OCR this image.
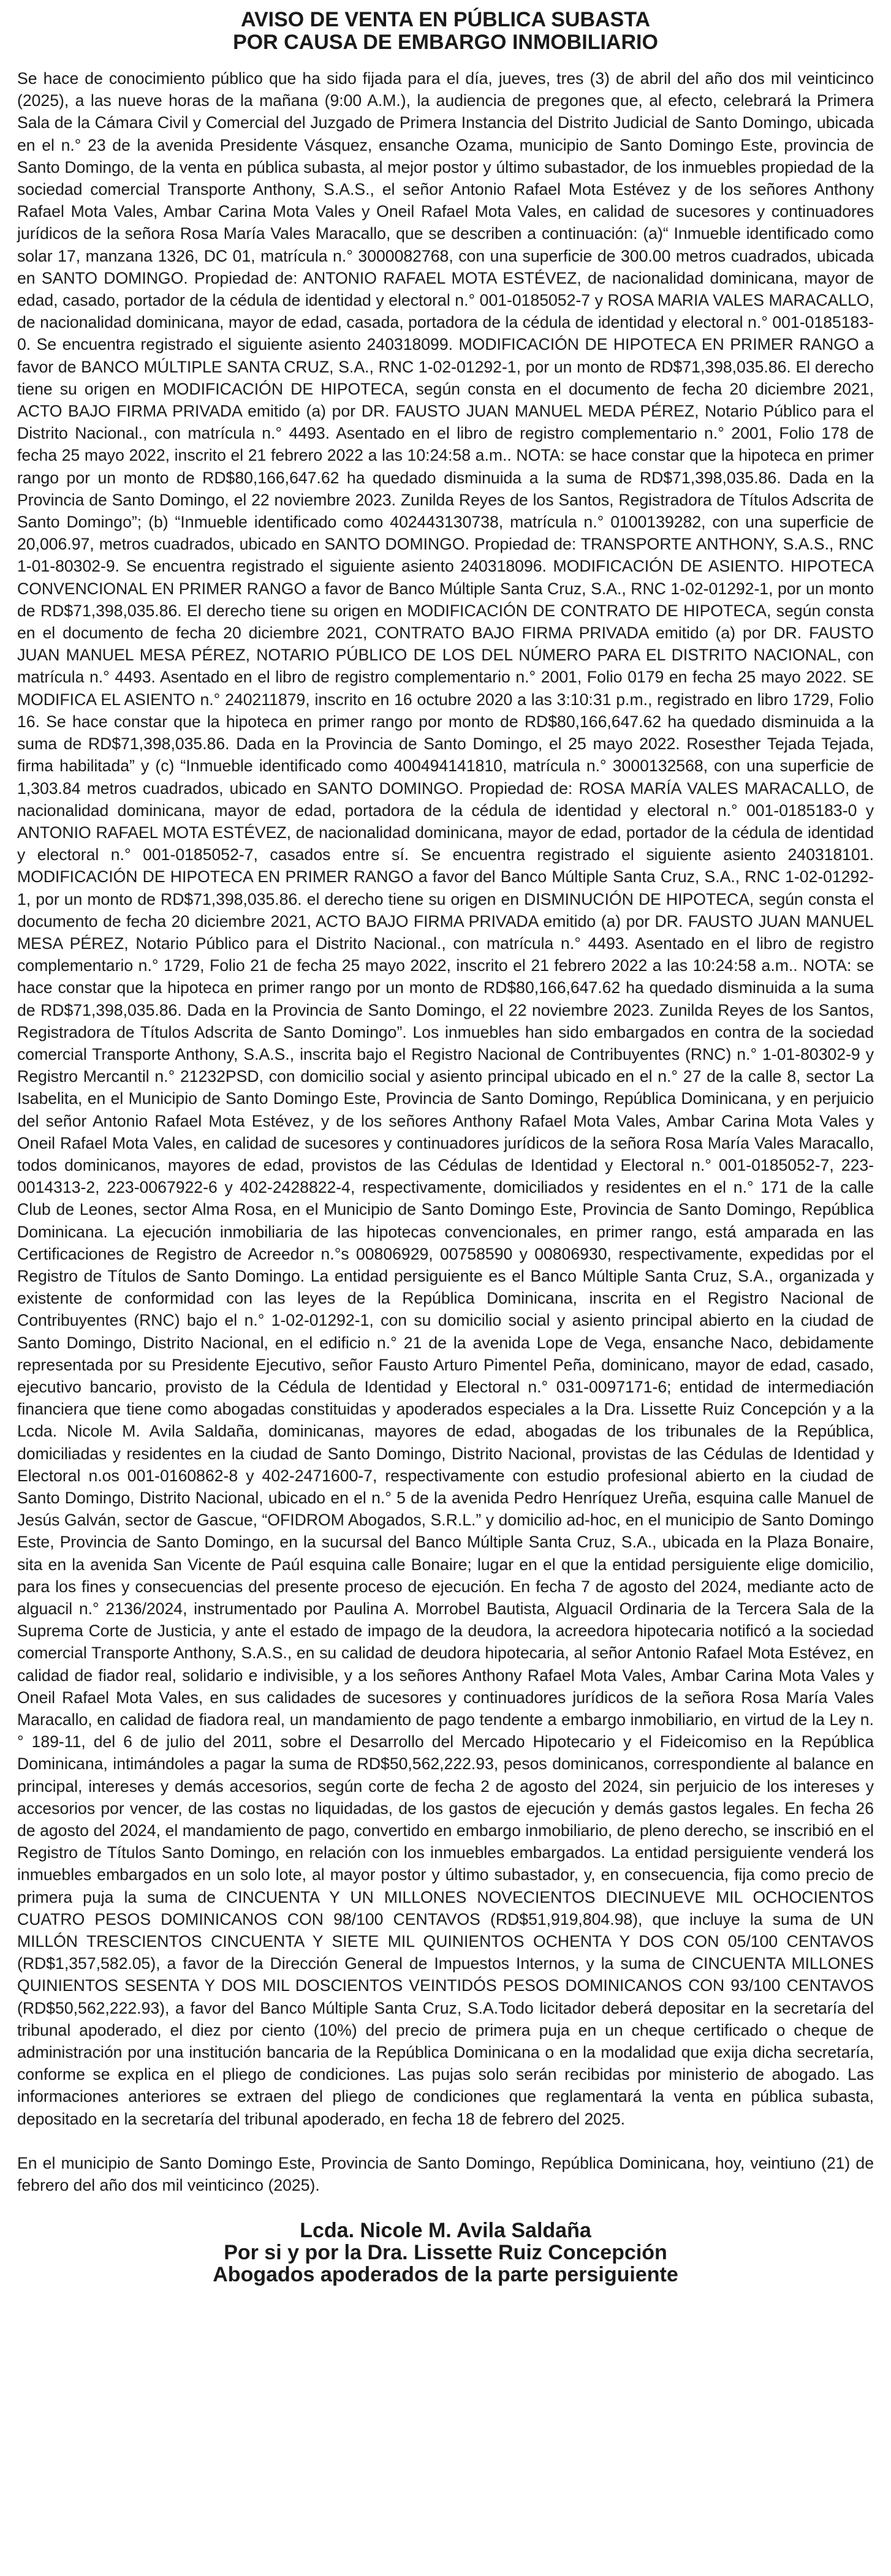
AVISO DE VENTA EN PÚBLICA SUBASTA
POR CAUSA DE EMBARGO INMOBILIARIO

Se hace de conocimiento público que ha sido fijada para el día, jueves, tres (3) de abril del año dos mil veinticinco (2025), a las nueve horas de la mañana (9:00 A.M.), la audiencia de pregones que, al efecto, celebrará la Primera Sala de la Cámara Civil y Comercial del Juzgado de Primera Instancia del Distrito Judicial de Santo Domingo, ubicada en el n.° 23 de la avenida Presidente Vásquez, ensanche Ozama, municipio de Santo Domingo Este, provincia de Santo Domingo, de la venta en pública subasta, al mejor postor y último subastador, de los inmuebles propiedad de la sociedad comercial Transporte Anthony, S.A.S., el señor Antonio Rafael Mota Estévez y de los señores Anthony Rafael Mota Vales, Ambar Carina Mota Vales y Oneil Rafael Mota Vales, en calidad de sucesores y continuadores jurídicos de la señora Rosa María Vales Maracallo, que se describen a continuación: (a)“ Inmueble identificado como solar 17, manzana 1326, DC 01, matrícula n.° 3000082768, con una superficie de 300.00 metros cuadrados, ubicada en SANTO DOMINGO. Propiedad de: ANTONIO RAFAEL MOTA ESTÉVEZ, de nacionalidad dominicana, mayor de edad, casado, portador de la cédula de identidad y electoral n.° 001-0185052-7 y ROSA MARIA VALES MARACALLO, de nacionalidad dominicana, mayor de edad, casada, portadora de la cédula de identidad y electoral n.° 001-0185183-0. Se encuentra registrado el siguiente asiento 240318099. MODIFICACIÓN DE HIPOTECA EN PRIMER RANGO a favor de BANCO MÚLTIPLE SANTA CRUZ, S.A., RNC 1-02-01292-1, por un monto de RD$71,398,035.86. El derecho tiene su origen en MODIFICACIÓN DE HIPOTECA, según consta en el documento de fecha 20 diciembre 2021, ACTO BAJO FIRMA PRIVADA emitido (a) por DR. FAUSTO JUAN MANUEL MEDA PÉREZ, Notario Público para el Distrito Nacional., con matrícula n.° 4493. Asentado en el libro de registro complementario n.° 2001, Folio 178 de fecha 25 mayo 2022, inscrito el 21 febrero 2022 a las 10:24:58 a.m.. NOTA: se hace constar que la hipoteca en primer rango por un monto de RD$80,166,647.62 ha quedado disminuida a la suma de RD$71,398,035.86. Dada en la Provincia de Santo Domingo, el 22 noviembre 2023. Zunilda Reyes de los Santos, Registradora de Títulos Adscrita de Santo Domingo”; (b) “Inmueble identificado como 402443130738, matrícula n.° 0100139282, con una superficie de 20,006.97, metros cuadrados, ubicado en SANTO DOMINGO. Propiedad de: TRANSPORTE ANTHONY, S.A.S., RNC 1-01-80302-9. Se encuentra registrado el siguiente asiento 240318096. MODIFICACIÓN DE ASIENTO. HIPOTECA CONVENCIONAL EN PRIMER RANGO a favor de Banco Múltiple Santa Cruz, S.A., RNC 1-02-01292-1, por un monto de RD$71,398,035.86. El derecho tiene su origen en MODIFICACIÓN DE CONTRATO DE HIPOTECA, según consta en el documento de fecha 20 diciembre 2021, CONTRATO BAJO FIRMA PRIVADA emitido (a) por DR. FAUSTO JUAN MANUEL MESA PÉREZ, NOTARIO PÚBLICO DE LOS DEL NÚMERO PARA EL DISTRITO NACIONAL, con matrícula n.° 4493. Asentado en el libro de registro complementario n.° 2001, Folio 0179 en fecha 25 mayo 2022. SE MODIFICA EL ASIENTO n.° 240211879, inscrito en 16 octubre 2020 a las 3:10:31 p.m., registrado en libro 1729, Folio 16. Se hace constar que la hipoteca en primer rango por monto de RD$80,166,647.62 ha quedado disminuida a la suma de RD$71,398,035.86. Dada en la Provincia de Santo Domingo, el 25 mayo 2022. Rosesther Tejada Tejada, firma habilitada” y (c) “Inmueble identificado como 400494141810, matrícula n.° 3000132568, con una superficie de 1,303.84 metros cuadrados, ubicado en SANTO DOMINGO. Propiedad de: ROSA MARÍA VALES MARACALLO, de nacionalidad dominicana, mayor de edad, portadora de la cédula de identidad y electoral n.° 001-0185183-0 y ANTONIO RAFAEL MOTA ESTÉVEZ, de nacionalidad dominicana, mayor de edad, portador de la cédula de identidad y electoral n.° 001-0185052-7, casados entre sí. Se encuentra registrado el siguiente asiento 240318101. MODIFICACIÓN DE HIPOTECA EN PRIMER RANGO a favor del Banco Múltiple Santa Cruz, S.A., RNC 1-02-01292-1, por un monto de RD$71,398,035.86. el derecho tiene su origen en DISMINUCIÓN DE HIPOTECA, según consta el documento de fecha 20 diciembre 2021, ACTO BAJO FIRMA PRIVADA emitido (a) por DR. FAUSTO JUAN MANUEL MESA PÉREZ, Notario Público para el Distrito Nacional., con matrícula n.° 4493. Asentado en el libro de registro complementario n.° 1729, Folio 21 de fecha 25 mayo 2022, inscrito el 21 febrero 2022 a las 10:24:58 a.m.. NOTA: se hace constar que la hipoteca en primer rango por un monto de RD$80,166,647.62 ha quedado disminuida a la suma de RD$71,398,035.86. Dada en la Provincia de Santo Domingo, el 22 noviembre 2023. Zunilda Reyes de los Santos, Registradora de Títulos Adscrita de Santo Domingo”. Los inmuebles han sido embargados en contra de la sociedad comercial Transporte Anthony, S.A.S., inscrita bajo el Registro Nacional de Contribuyentes (RNC) n.° 1-01-80302-9 y Registro Mercantil n.° 21232PSD, con domicilio social y asiento principal ubicado en el n.° 27 de la calle 8, sector La Isabelita, en el Municipio de Santo Domingo Este, Provincia de Santo Domingo, República Dominicana, y en perjuicio del señor Antonio Rafael Mota Estévez, y de los señores Anthony Rafael Mota Vales, Ambar Carina Mota Vales y Oneil Rafael Mota Vales, en calidad de sucesores y continuadores jurídicos de la señora Rosa María Vales Maracallo, todos dominicanos, mayores de edad, provistos de las Cédulas de Identidad y Electoral n.° 001-0185052-7, 223-0014313-2, 223-0067922-6 y 402-2428822-4, respectivamente, domiciliados y residentes en el n.° 171 de la calle Club de Leones, sector Alma Rosa, en el Municipio de Santo Domingo Este, Provincia de Santo Domingo, República Dominicana. La ejecución inmobiliaria de las hipotecas convencionales, en primer rango, está amparada en las Certificaciones de Registro de Acreedor n.°s 00806929, 00758590 y 00806930, respectivamente, expedidas por el Registro de Títulos de Santo Domingo. La entidad persiguiente es el Banco Múltiple Santa Cruz, S.A., organizada y existente de conformidad con las leyes de la República Dominicana, inscrita en el Registro Nacional de Contribuyentes (RNC) bajo el n.° 1-02-01292-1, con su domicilio social y asiento principal abierto en la ciudad de Santo Domingo, Distrito Nacional, en el edificio n.° 21 de la avenida Lope de Vega, ensanche Naco, debidamente representada por su Presidente Ejecutivo, señor Fausto Arturo Pimentel Peña, dominicano, mayor de edad, casado, ejecutivo bancario, provisto de la Cédula de Identidad y Electoral n.° 031-0097171-6; entidad de intermediación financiera que tiene como abogadas constituidas y apoderados especiales a la Dra. Lissette Ruiz Concepción y a la Lcda. Nicole M. Avila Saldaña, dominicanas, mayores de edad, abogadas de los tribunales de la República, domiciliadas y residentes en la ciudad de Santo Domingo, Distrito Nacional, provistas de las Cédulas de Identidad y Electoral n.os 001-0160862-8 y 402-2471600-7, respectivamente con estudio profesional abierto en la ciudad de Santo Domingo, Distrito Nacional, ubicado en el n.° 5 de la avenida Pedro Henríquez Ureña, esquina calle Manuel de Jesús Galván, sector de Gascue, “OFIDROM Abogados, S.R.L.” y domicilio ad-hoc, en el municipio de Santo Domingo Este, Provincia de Santo Domingo, en la sucursal del Banco Múltiple Santa Cruz, S.A., ubicada en la Plaza Bonaire, sita en la avenida San Vicente de Paúl esquina calle Bonaire; lugar en el que la entidad persiguiente elige domicilio, para los fines y consecuencias del presente proceso de ejecución. En fecha 7 de agosto del 2024, mediante acto de alguacil n.° 2136/2024, instrumentado por Paulina A. Morrobel Bautista, Alguacil Ordinaria de la Tercera Sala de la Suprema Corte de Justicia, y ante el estado de impago de la deudora, la acreedora hipotecaria notificó a la sociedad comercial Transporte Anthony, S.A.S., en su calidad de deudora hipotecaria, al señor Antonio Rafael Mota Estévez, en calidad de fiador real, solidario e indivisible, y a los señores Anthony Rafael Mota Vales, Ambar Carina Mota Vales y Oneil Rafael Mota Vales, en sus calidades de sucesores y continuadores jurídicos de la señora Rosa María Vales Maracallo, en calidad de fiadora real, un mandamiento de pago tendente a embargo inmobiliario, en virtud de la Ley n.° 189-11, del 6 de julio del 2011, sobre el Desarrollo del Mercado Hipotecario y el Fideicomiso en la República Dominicana, intimándoles a pagar la suma de RD$50,562,222.93, pesos dominicanos, correspondiente al balance en principal, intereses y demás accesorios, según corte de fecha 2 de agosto del 2024, sin perjuicio de los intereses y accesorios por vencer, de las costas no liquidadas, de los gastos de ejecución y demás gastos legales. En fecha 26 de agosto del 2024, el mandamiento de pago, convertido en embargo inmobiliario, de pleno derecho, se inscribió en el Registro de Títulos Santo Domingo, en relación con los inmuebles embargados. La entidad persiguiente venderá los inmuebles embargados en un solo lote, al mayor postor y último subastador, y, en consecuencia, fija como precio de primera puja la suma de CINCUENTA Y UN MILLONES NOVECIENTOS DIECINUEVE MIL OCHOCIENTOS CUATRO PESOS DOMINICANOS CON 98/100 CENTAVOS (RD$51,919,804.98), que incluye la suma de UN MILLÓN TRESCIENTOS CINCUENTA Y SIETE MIL QUINIENTOS OCHENTA Y DOS CON 05/100 CENTAVOS (RD$1,357,582.05), a favor de la Dirección General de Impuestos Internos, y la suma de CINCUENTA MILLONES QUINIENTOS SESENTA Y DOS MIL DOSCIENTOS VEINTIDÓS PESOS DOMINICANOS CON 93/100 CENTAVOS (RD$50,562,222.93), a favor del Banco Múltiple Santa Cruz, S.A.Todo licitador deberá depositar en la secretaría del tribunal apoderado, el diez por ciento (10%) del precio de primera puja en un cheque certificado o cheque de administración por una institución bancaria de la República Dominicana o en la modalidad que exija dicha secretaría, conforme se explica en el pliego de condiciones. Las pujas solo serán recibidas por ministerio de abogado. Las informaciones anteriores se extraen del pliego de condiciones que reglamentará la venta en pública subasta, depositado en la secretaría del tribunal apoderado, en fecha 18 de febrero del 2025.

En el municipio de Santo Domingo Este, Provincia de Santo Domingo, República Dominicana, hoy, veintiuno (21) de febrero del año dos mil veinticinco (2025).

Lcda. Nicole M. Avila Saldaña
Por si y por la Dra. Lissette Ruiz Concepción
Abogados apoderados de la parte persiguiente
